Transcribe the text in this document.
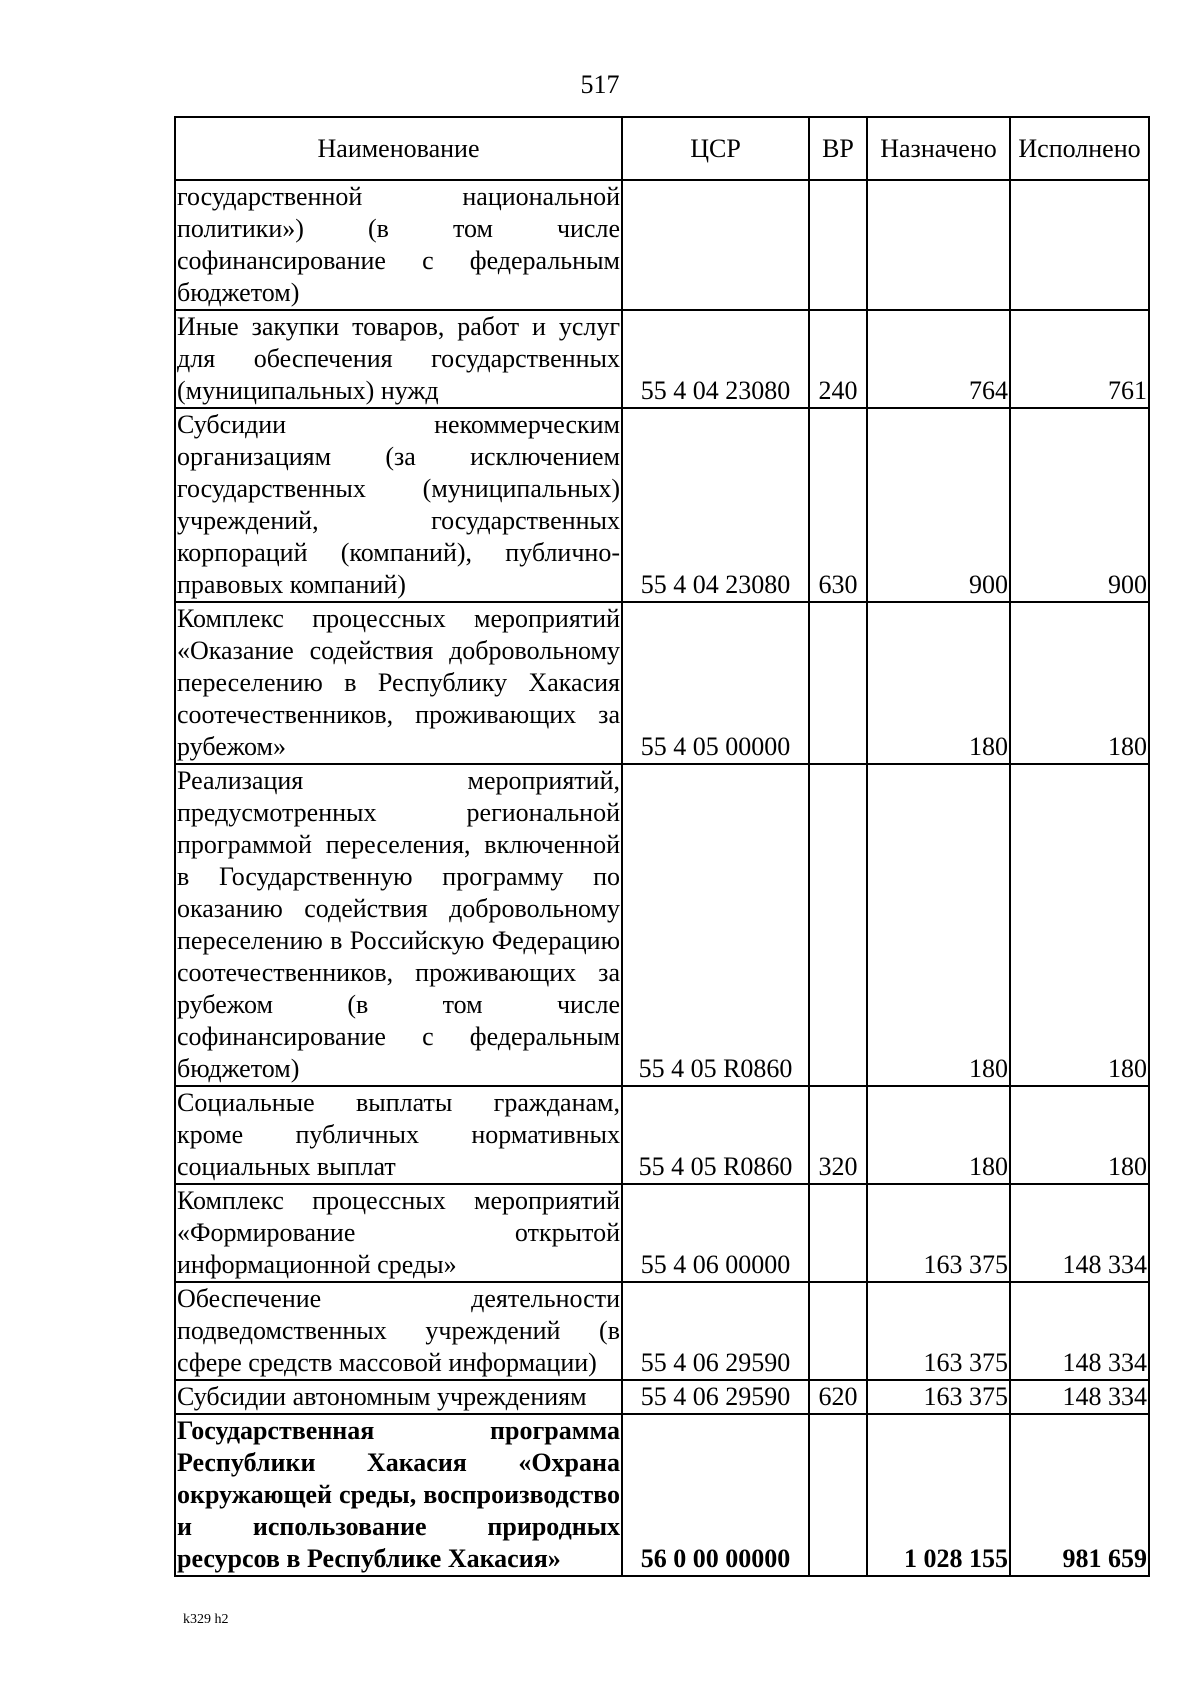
517
Наименование	ЦСР	ВР	Назначено	Исполнено
государственной национальной политики») (в том числе софинансирование с федеральным бюджетом)				
Иные закупки товаров, работ и услуг для обеспечения государственных (муниципальных) нужд	55 4 04 23080	240	764	761
Субсидии некоммерческим организациям (за исключением государственных (муниципальных) учреждений, государственных корпораций (компаний), публично-правовых компаний)	55 4 04 23080	630	900	900
Комплекс процессных мероприятий «Оказание содействия добровольному переселению в Республику Хакасия соотечественников, проживающих за рубежом»	55 4 05 00000		180	180
Реализация мероприятий, предусмотренных региональной программой переселения, включенной в Государственную программу по оказанию содействия добровольному переселению в Российскую Федерацию соотечественников, проживающих за рубежом (в том числе софинансирование с федеральным бюджетом)	55 4 05 R0860		180	180
Социальные выплаты гражданам, кроме публичных нормативных социальных выплат	55 4 05 R0860	320	180	180
Комплекс процессных мероприятий «Формирование открытой информационной среды»	55 4 06 00000		163 375	148 334
Обеспечение деятельности подведомственных учреждений (в сфере средств массовой информации)	55 4 06 29590		163 375	148 334
Субсидии автономным учреждениям	55 4 06 29590	620	163 375	148 334
Государственная программа Республики Хакасия «Охрана окружающей среды, воспроизводство и использование природных ресурсов в Республике Хакасия»	56 0 00 00000		1 028 155	981 659
k329 h2
